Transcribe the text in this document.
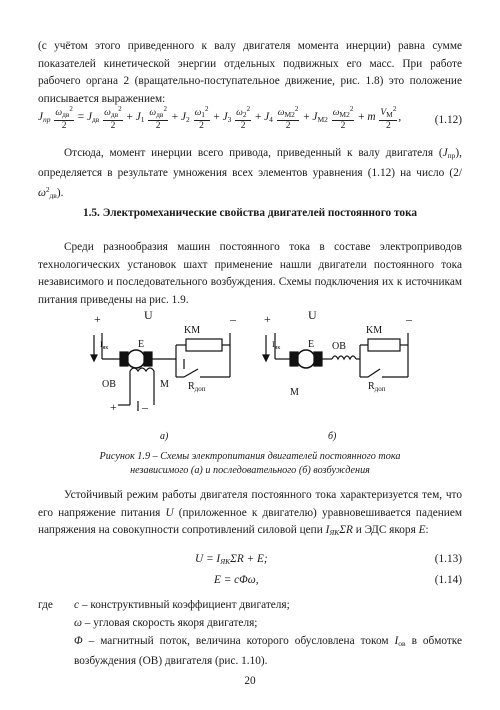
(с учётом этого приведенного к валу двигателя момента инерции) равна сумме показателей кинетической энергии отдельных подвижных его масс. При работе рабочего органа 2 (вращательно-поступательное движение, рис. 1.8) это положение описывается выражением:
$J_{пр} \frac{\omega_{дв}^2}{2} = J_{дв} \frac{\omega_{дв}^2}{2} + J_1 \frac{\omega_{дв}^2}{2} + J_2 \frac{\omega_1^2}{2} + J_3 \frac{\omega_2^2}{2} + J_4 \frac{\omega_{M2}^2}{2} + J_{M2} \frac{\omega_{M2}^2}{2} + m \frac{V_M^2}{2}$ ,	(1.12)
Отсюда, момент инерции всего привода, приведенный к валу двигателя $(J_{пр})$, определяется в результате умножения всех элементов уравнения (1.12) на число $(2/\omega^2_{дв})$.
1.5. Электромеханические свойства двигателей постоянного тока
Среди разнообразия машин постоянного тока в составе электроприводов технологических установок шахт применение нашли двигатели постоянного тока независимого и последовательного возбуждения. Схемы подключения их к источникам питания приведены на рис. 1.9.
+	U	–
$I_{як}$	E
KM
M $R_{доп}$
ОВ
+ –
а)
+	U	–
$I_{як}$	E ОВ
KM
M
$R_{доп}$
б)
Рисунок 1.9 – Схемы электропитания двигателей постоянного тока
независимого (а) и последовательного (б) возбуждения
Устойчивый режим работы двигателя постоянного тока характеризуется тем, что его напряжение питания U (приложенное к двигателю) уравновешивается падением напряжения на совокупности сопротивлений силовой цепи $I_{ЯК}\Sigma R$ и ЭДС якоря E:
$U = I_{ЯК}\Sigma R + E$;	(1.13)
E = cΦω,	(1.14)
где c – конструктивный коэффициент двигателя;
ω – угловая скорость якоря двигателя;
Φ – магнитный поток, величина которого обусловлена током $I_{ов}$ в обмотке возбуждения (ОВ) двигателя (рис. 1.10).
20
